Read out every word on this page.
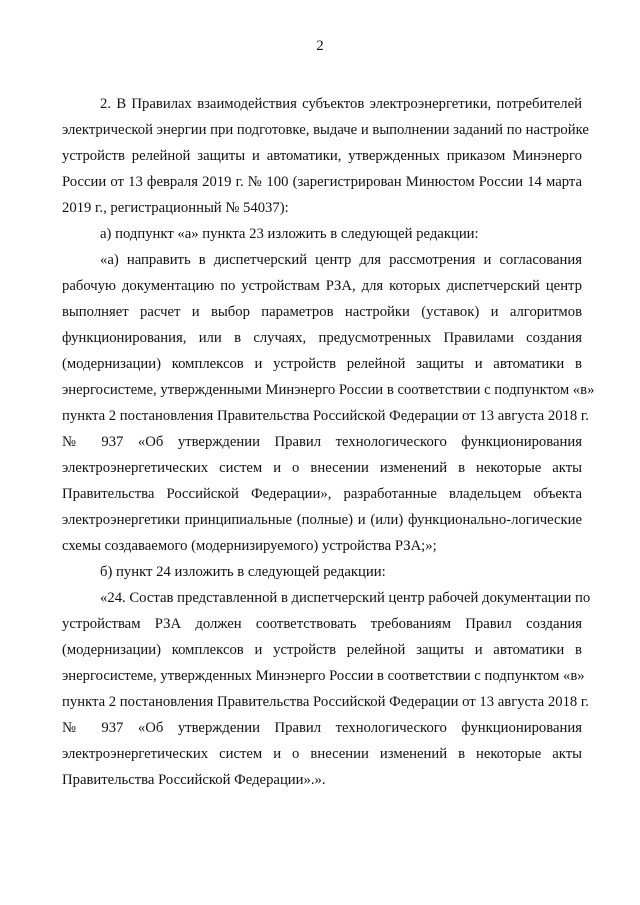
2
2. В Правилах взаимодействия субъектов электроэнергетики, потребителей
электрической энергии при подготовке, выдаче и выполнении заданий по настройке
устройств релейной защиты и автоматики, утвержденных приказом Минэнерго
России от 13 февраля 2019 г. № 100 (зарегистрирован Минюстом России 14 марта
2019 г., регистрационный № 54037):
а) подпункт «а» пункта 23 изложить в следующей редакции:
«а) направить в диспетчерский центр для рассмотрения и согласования
рабочую документацию по устройствам РЗА, для которых диспетчерский центр
выполняет расчет и выбор параметров настройки (уставок) и алгоритмов
функционирования, или в случаях, предусмотренных Правилами создания
(модернизации) комплексов и устройств релейной защиты и автоматики в
энергосистеме, утвержденными Минэнерго России в соответствии с подпунктом «в»
пункта 2 постановления Правительства Российской Федерации от 13 августа 2018 г.
№ 937 «Об утверждении Правил технологического функционирования
электроэнергетических систем и о внесении изменений в некоторые акты
Правительства Российской Федерации», разработанные владельцем объекта
электроэнергетики принципиальные (полные) и (или) функционально-логические
схемы создаваемого (модернизируемого) устройства РЗА;»;
б) пункт 24 изложить в следующей редакции:
«24. Состав представленной в диспетчерский центр рабочей документации по
устройствам РЗА должен соответствовать требованиям Правил создания
(модернизации) комплексов и устройств релейной защиты и автоматики в
энергосистеме, утвержденных Минэнерго России в соответствии с подпунктом «в»
пункта 2 постановления Правительства Российской Федерации от 13 августа 2018 г.
№ 937 «Об утверждении Правил технологического функционирования
электроэнергетических систем и о внесении изменений в некоторые акты
Правительства Российской Федерации».».
